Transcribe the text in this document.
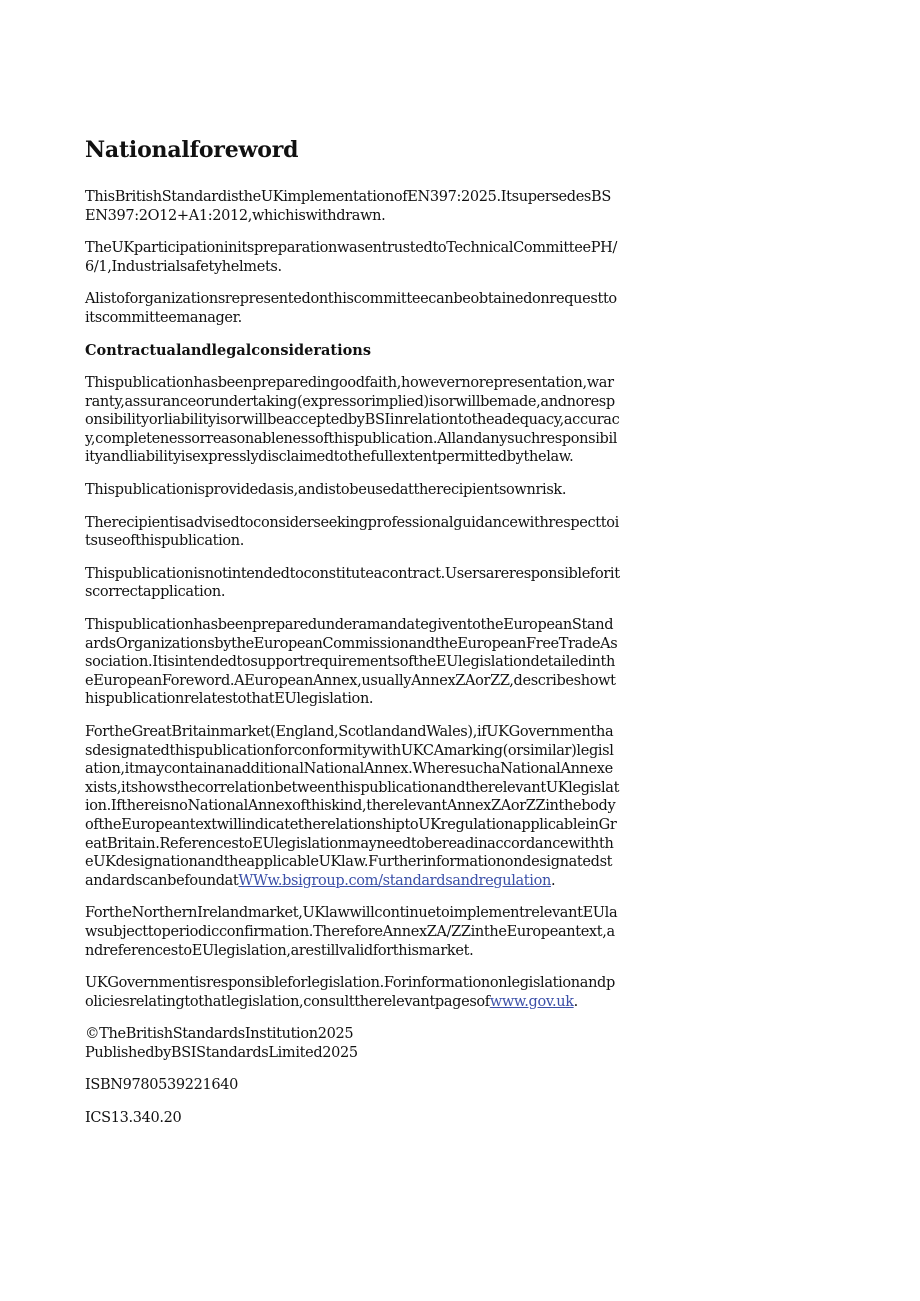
Nationalforeword

ThisBritishStandardistheUKimplementationofEN397:2025.ItsupersedesBSEN397:2O12+A1:2012,whichiswithdrawn.

TheUKparticipationinitspreparationwasentrustedtoTechnicalCommitteePH/6/1,Industrialsafetyhelmets.

Alistoforganizationsrepresentedonthiscommitteecanbeobtainedonrequesttoitscommitteemanager.

Contractualandlegalconsiderations

Thispublicationhasbeenpreparedingoodfaith,howevernorepresentation,warranty,assuranceorundertaking(expressorimplied)isorwillbemade,andnoresponsibilityorliabilityisorwillbeacceptedbyBSIinrelationtotheadequacy,accuracy,completenessorreasonablenessofthispublication.Allandanysuchresponsibilityandliabilityisexpresslydisclaimedtothefullextentpermittedbythelaw.

Thispublicationisprovidedasis,andistobeusedattherecipientsownrisk.

Therecipientisadvisedtoconsiderseekingprofessionalguidancewithrespecttoitsuseofthispublication.

Thispublicationisnotintendedtoconstituteacontract.Usersareresponsibleforitscorrectapplication.

ThispublicationhasbeenpreparedunderamandategiventotheEuropeanStandardsOrganizationsbytheEuropeanCommissionandtheEuropeanFreeTradeAssociation.ItisintendedtosupportrequirementsoftheEUlegislationdetailedintheEuropeanForeword.AEuropeanAnnex,usuallyAnnexZAorZZ,describeshowthispublicationrelatestothatEUlegislation.

FortheGreatBritainmarket(England,ScotlandandWales),ifUKGovernmenthasdesignatedthispublicationforconformitywithUKCAmarking(orsimilar)legislation,itmaycontainanadditionalNationalAnnex.WheresuchaNationalAnnexexists,itshowsthecorrelationbetweenthispublicationandtherelevantUKlegislation.IfthereisnoNationalAnnexofthiskind,therelevantAnnexZAorZZinthebodyoftheEuropeantextwillindicatetherelationshiptoUKregulationapplicableinGreatBritain.ReferencestoEUlegislationmayneedtobereadinaccordancewiththeUKdesignationandtheapplicableUKlaw.FurtherinformationondesignatedstandardscanbefoundatWWw.bsigroup.com/standardsandregulation.

FortheNorthernIrelandmarket,UKlawwillcontinuetoimplementrelevantEUlawsubjecttoperiodicconfirmation.ThereforeAnnexZA/ZZintheEuropeantext,andreferencestoEUlegislation,arestillvalidforthismarket.

UKGovernmentisresponsibleforlegislation.Forinformationonlegislationandpoliciesrelatingtothatlegislation,consulttherelevantpagesofwww.gov.uk.

©TheBritishStandardsInstitution2025
PublishedbyBSIStandardsLimited2025

ISBN9780539221640

ICS13.340.20
